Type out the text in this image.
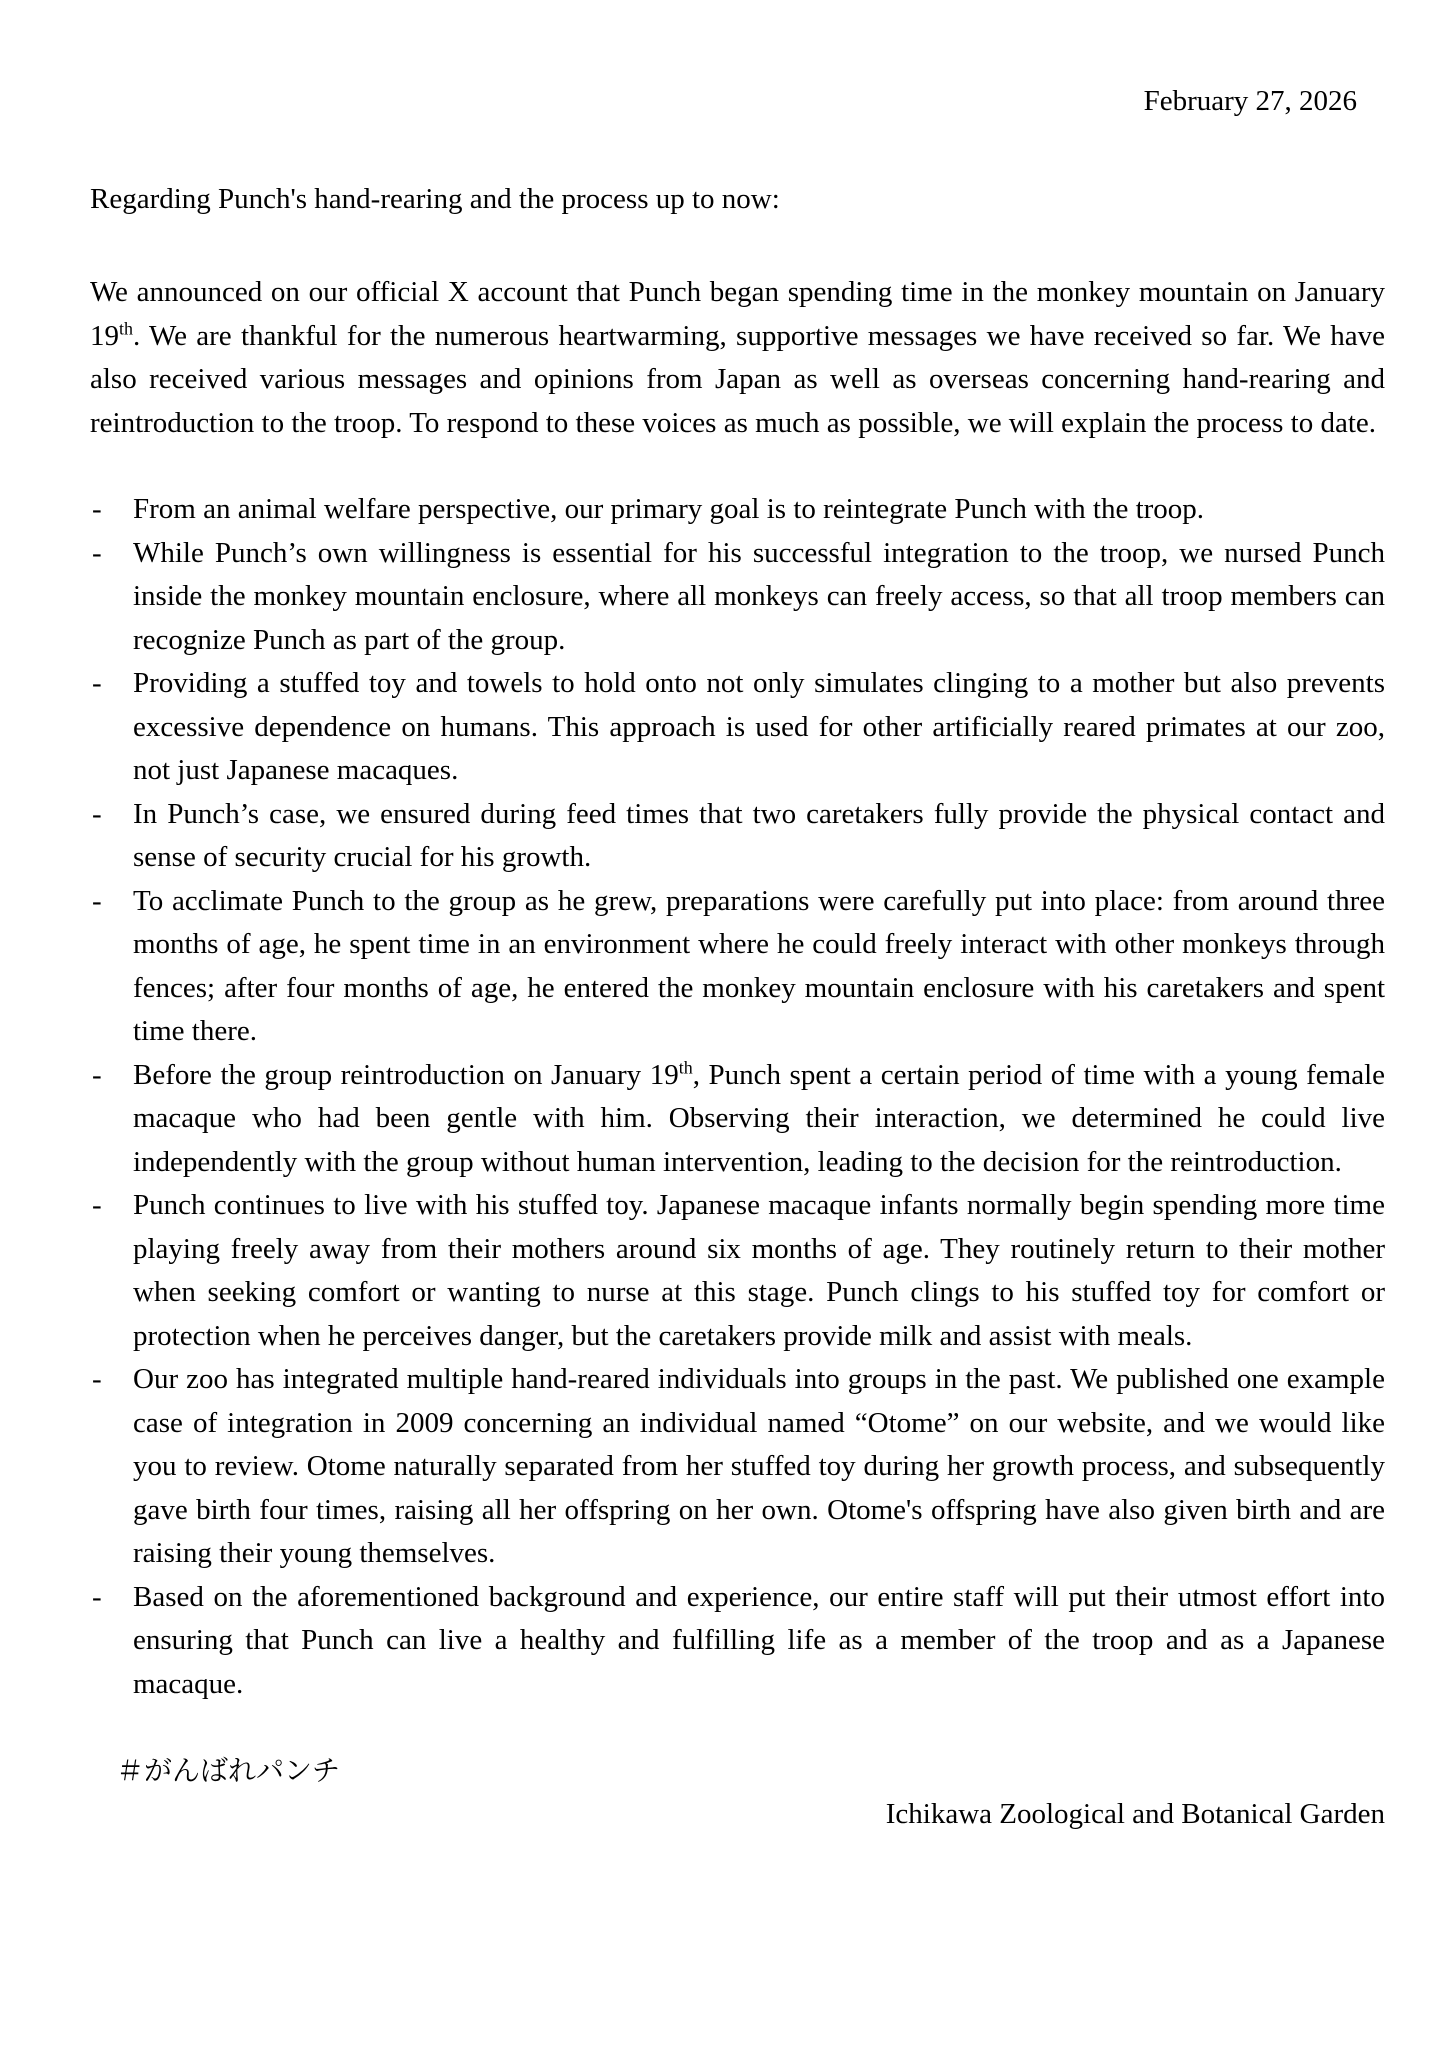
February 27, 2026
Regarding Punch's hand-rearing and the process up to now:

We announced on our official X account that Punch began spending time in the monkey mountain on January 19th. We are thankful for the numerous heartwarming, supportive messages we have received so far. We have also received various messages and opinions from Japan as well as overseas concerning hand-rearing and reintroduction to the troop. To respond to these voices as much as possible, we will explain the process to date.

- From an animal welfare perspective, our primary goal is to reintegrate Punch with the troop.
- While Punch’s own willingness is essential for his successful integration to the troop, we nursed Punch inside the monkey mountain enclosure, where all monkeys can freely access, so that all troop members can recognize Punch as part of the group.
- Providing a stuffed toy and towels to hold onto not only simulates clinging to a mother but also prevents excessive dependence on humans. This approach is used for other artificially reared primates at our zoo, not just Japanese macaques.
- In Punch’s case, we ensured during feed times that two caretakers fully provide the physical contact and sense of security crucial for his growth.
- To acclimate Punch to the group as he grew, preparations were carefully put into place: from around three months of age, he spent time in an environment where he could freely interact with other monkeys through fences; after four months of age, he entered the monkey mountain enclosure with his caretakers and spent time there.
- Before the group reintroduction on January 19th, Punch spent a certain period of time with a young female macaque who had been gentle with him. Observing their interaction, we determined he could live independently with the group without human intervention, leading to the decision for the reintroduction.
- Punch continues to live with his stuffed toy. Japanese macaque infants normally begin spending more time playing freely away from their mothers around six months of age. They routinely return to their mother when seeking comfort or wanting to nurse at this stage. Punch clings to his stuffed toy for comfort or protection when he perceives danger, but the caretakers provide milk and assist with meals.
- Our zoo has integrated multiple hand-reared individuals into groups in the past. We published one example case of integration in 2009 concerning an individual named “Otome” on our website, and we would like you to review. Otome naturally separated from her stuffed toy during her growth process, and subsequently gave birth four times, raising all her offspring on her own. Otome's offspring have also given birth and are raising their young themselves.
- Based on the aforementioned background and experience, our entire staff will put their utmost effort into ensuring that Punch can live a healthy and fulfilling life as a member of the troop and as a Japanese macaque.
＃がんばれパンチ
Ichikawa Zoological and Botanical Garden
